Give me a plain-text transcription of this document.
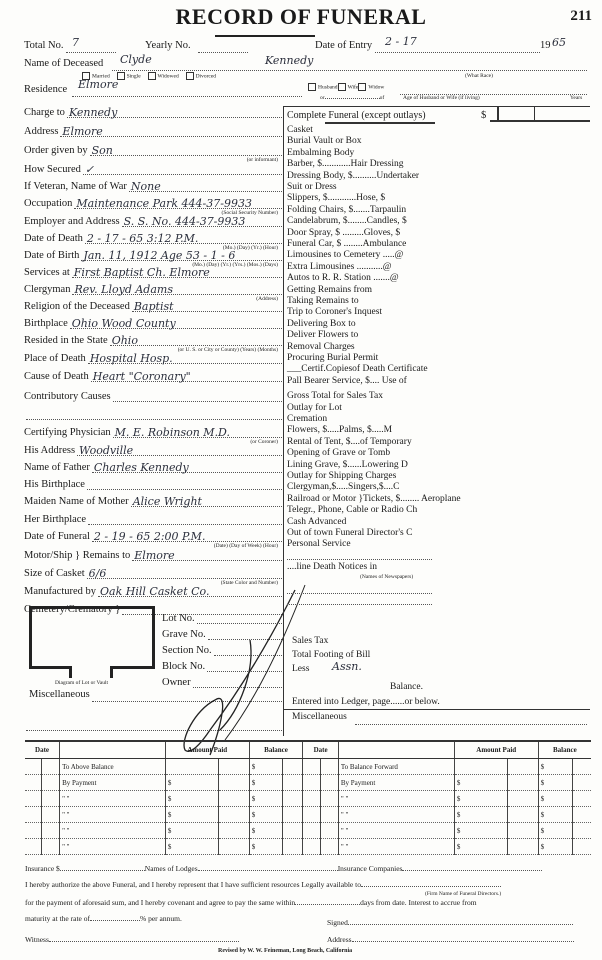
RECORD OF FUNERAL	211
Total No. 7	Yearly No.	Date of Entry 2 - 17	19 65
Name of Deceased Clyde	Kennedy
Married	Single	Widowed	Divorced	(What Race)
Residence Elmore	Husband Wife Widow
or	of	Age of Husband or Wife (if living)	Years
Charge to Kennedy
Address Elmore
Order given by Son
(or informant)
How Secured ✓
If Veteran, Name of War None
Occupation Maintenance Park 444-37-9933
(Social Security Number)
Employer and Address S. S. No. 444-37-9933
Date of Death 2 - 17 - 65 3:12 P.M.
(Mo.) (Day) (Yr.) (Hour)
Date of Birth Jan. 11, 1912 Age 53 - 1 - 6
(Mo.) (Day) (Yr.) (Yrs.) (Mos.) (Days)
Services at First Baptist Ch. Elmore
Clergyman Rev. Lloyd Adams
(Address)
Religion of the Deceased Baptist
Birthplace Ohio Wood County
Resided in the State Ohio
(or U. S. or City or County) (Years) (Months)
Place of Death Hospital Hosp.
Cause of Death Heart "Coronary"
Contributory Causes
Certifying Physician M. E. Robinson M.D.
(or Coroner)
His Address Woodville
Name of Father Charles Kennedy
His Birthplace
Maiden Name of Mother Alice Wright
Her Birthplace
Date of Funeral 2 - 19 - 65 2:00 P.M.
(Date) (Day of Week) (Hour)
Motor/Ship } Remains to Elmore
Size of Casket 6/6
(State Color and Number)
Manufactured by Oak Hill Casket Co.
Cemetery/Crematory }
Diagram of Lot or Vault
Lot No.
Grave No.
Section No.
Block No.
Owner
Miscellaneous
Complete Funeral (except outlays)	$
Casket
Burial Vault or Box
Embalming Body
Barber, $............Hair Dressing
Dressing Body, $..........Undertaker
Suit or Dress
Slippers, $............Hose, $
Folding Chairs, $.......Tarpaulin
Candelabrum, $........Candles, $
Door Spray, $ .........Gloves, $
Funeral Car, $ ........Ambulance
Limousines to Cemetery .....@
Extra Limousines ...........@
Autos to R. R. Station .......@
Getting Remains from
Taking Remains to
Trip to Coroner's Inquest
Delivering Box to
Deliver Flowers to
Removal Charges
Procuring Burial Permit
___Certif.Copiesof Death Certificate
Pall Bearer Service, $.... Use of
Gross Total for Sales Tax
Outlay for Lot
Cremation
Flowers, $.....Palms, $.....M
Rental of Tent, $....of Temporary
Opening of Grave or Tomb
Lining Grave, $......Lowering D
Outlay for Shipping Charges
Clergyman,$.....Singers,$....C
Railroad or Motor }Tickets, $........ Aeroplane
Telegr., Phone, Cable or Radio Ch
Cash Advanced
Out of town Funeral Director's C
Personal Service
....line Death Notices in
(Names of Newspapers)
Sales Tax
Total Footing of Bill
Less	Assn.
Balance.
Entered into Ledger, page......or below.
Miscellaneous
Date			Amount Paid		Balance		Date			Amount Paid		Balance	
		To Above Balance			$				To Balance Forward			$	
		By Payment	$		$				By Payment	$		$	
		" "	$		$				" "	$		$	
		" "	$		$				" "	$		$	
		" "	$		$				" "	$		$	
		" "	$		$				" "	$		$	
Insurance $	Names of Lodges	Insurance Companies
I hereby authorize the above Funeral, and I hereby represent that I have sufficient resources Legally available to
(Firm Name of Funeral Directors.)
for the payment of aforesaid sum, and I hereby covenant and agree to pay the same within	days from date. Interest to accrue from
maturity at the rate of	% per annum.	Signed
Witness	Address
Revised by W. W. Feineman, Long Beach, California
